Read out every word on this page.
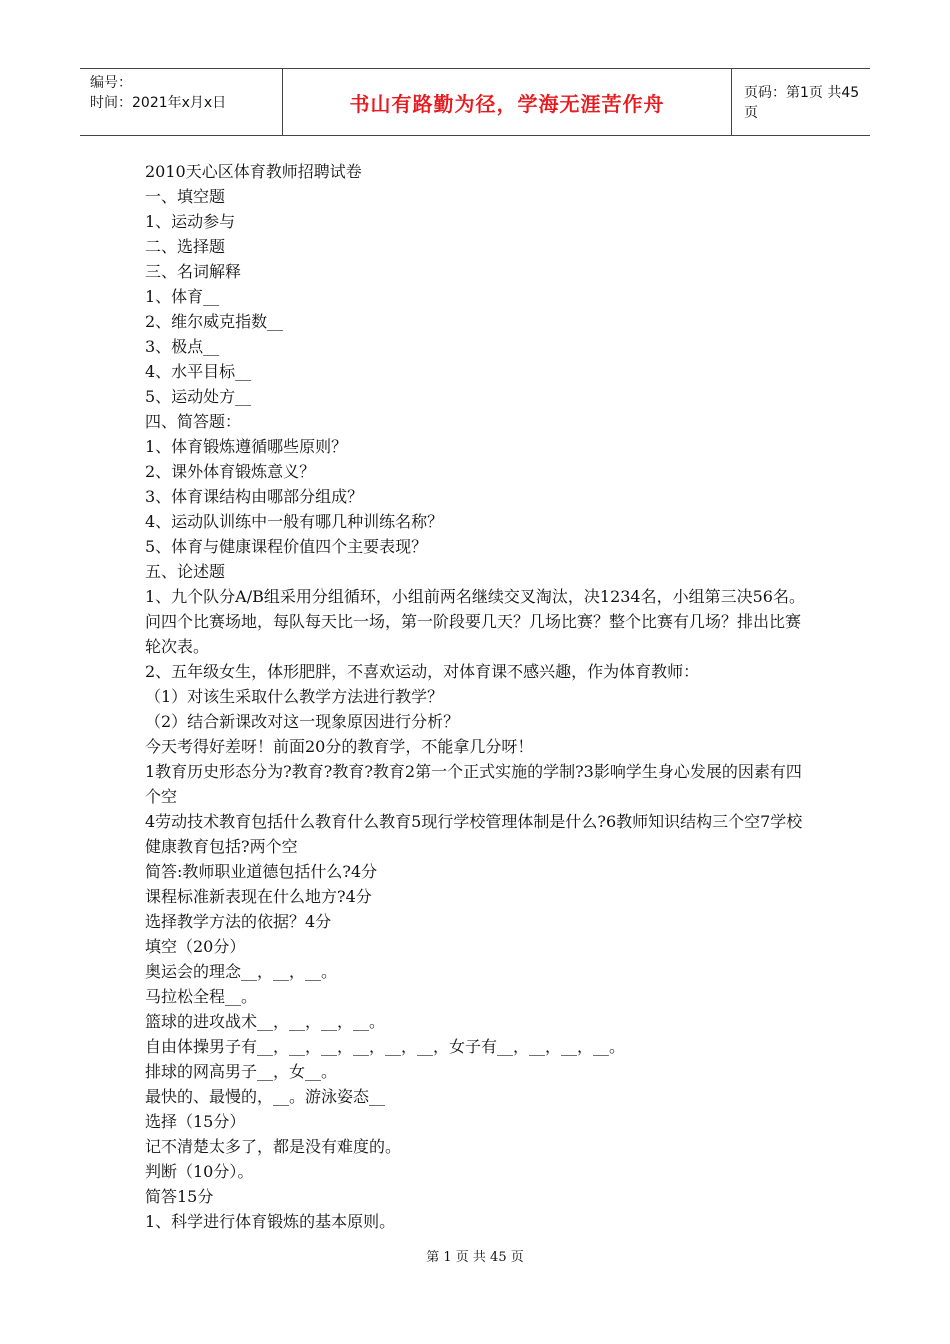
编号：
时间：2021年x月x日	书山有路勤为径，学海无涯苦作舟	页码：第1页 共45页
2010天心区体育教师招聘试卷
一、填空题
1、运动参与
二、选择题
三、名词解释
1、体育__
2、维尔威克指数__
3、极点__
4、水平目标__
5、运动处方__
四、简答题：
1、体育锻炼遵循哪些原则？
2、课外体育锻炼意义？
3、体育课结构由哪部分组成？
4、运动队训练中一般有哪几种训练名称？
5、体育与健康课程价值四个主要表现？
五、论述题
1、九个队分A/B组采用分组循环，小组前两名继续交叉淘汰，决1234名，小组第三决56名。问四个比赛场地，每队每天比一场，第一阶段要几天？几场比赛？整个比赛有几场？排出比赛轮次表。
2、五年级女生，体形肥胖，不喜欢运动，对体育课不感兴趣，作为体育教师：
（1）对该生采取什么教学方法进行教学？
（2）结合新课改对这一现象原因进行分析？
今天考得好差呀！前面20分的教育学，不能拿几分呀！
1教育历史形态分为?教育?教育?教育2第一个正式实施的学制?3影响学生身心发展的因素有四个空
4劳动技术教育包括什么教育什么教育5现行学校管理体制是什么?6教师知识结构三个空7学校健康教育包括?两个空
简答:教师职业道德包括什么?4分
课程标准新表现在什么地方?4分
选择教学方法的依据？4分
填空（20分）
奥运会的理念__，__，__。
马拉松全程__。
篮球的进攻战术__，__，__，__。
自由体操男子有__，__，__，__，__，__，女子有__，__，__，__。
排球的网高男子__，女__。
最快的、最慢的，__。游泳姿态__
选择（15分）
记不清楚太多了，都是没有难度的。
判断（10分）。
简答15分
1、科学进行体育锻炼的基本原则。
第 1 页 共 45 页
